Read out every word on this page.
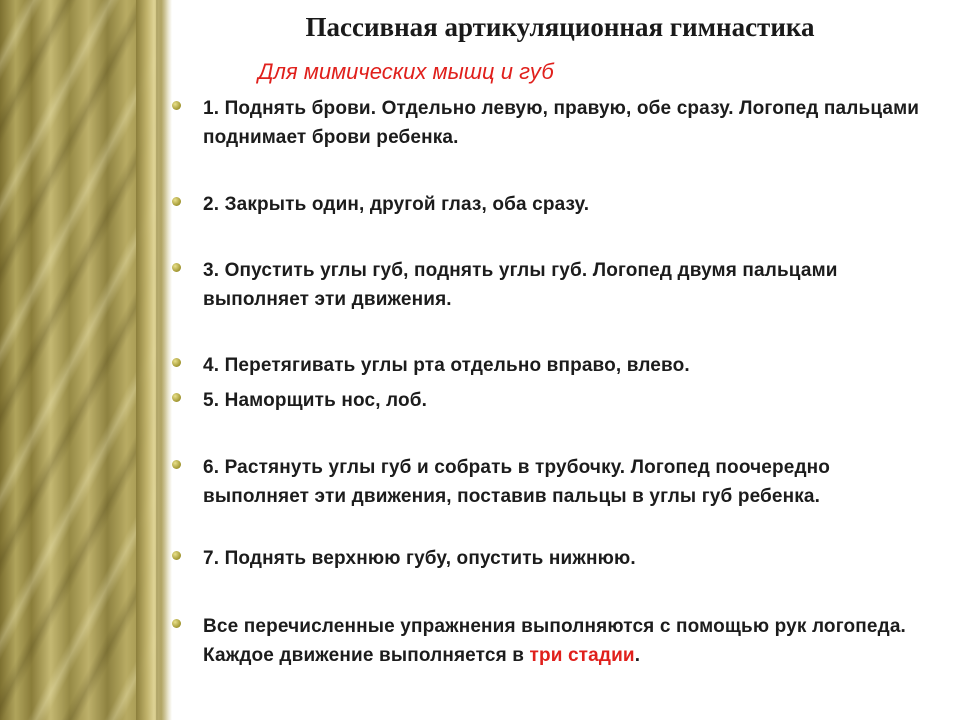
Пассивная артикуляционная гимнастика
Для мимических мышц и губ
1. Поднять брови. Отдельно левую, правую, обе сразу. Логопед пальцами поднимает брови ребенка.
2. Закрыть один, другой глаз, оба сразу.
3. Опустить углы губ, поднять углы губ. Логопед двумя пальцами выполняет эти движения.
4. Перетягивать углы рта отдельно вправо, влево.
5. Наморщить нос, лоб.
6. Растянуть углы губ и собрать в трубочку. Логопед поочередно выполняет эти движения, поставив пальцы в углы губ ребенка.
7. Поднять верхнюю губу, опустить нижнюю.
Все перечисленные упражнения выполняются с помощью рук логопеда. Каждое движение выполняется в три стадии.
